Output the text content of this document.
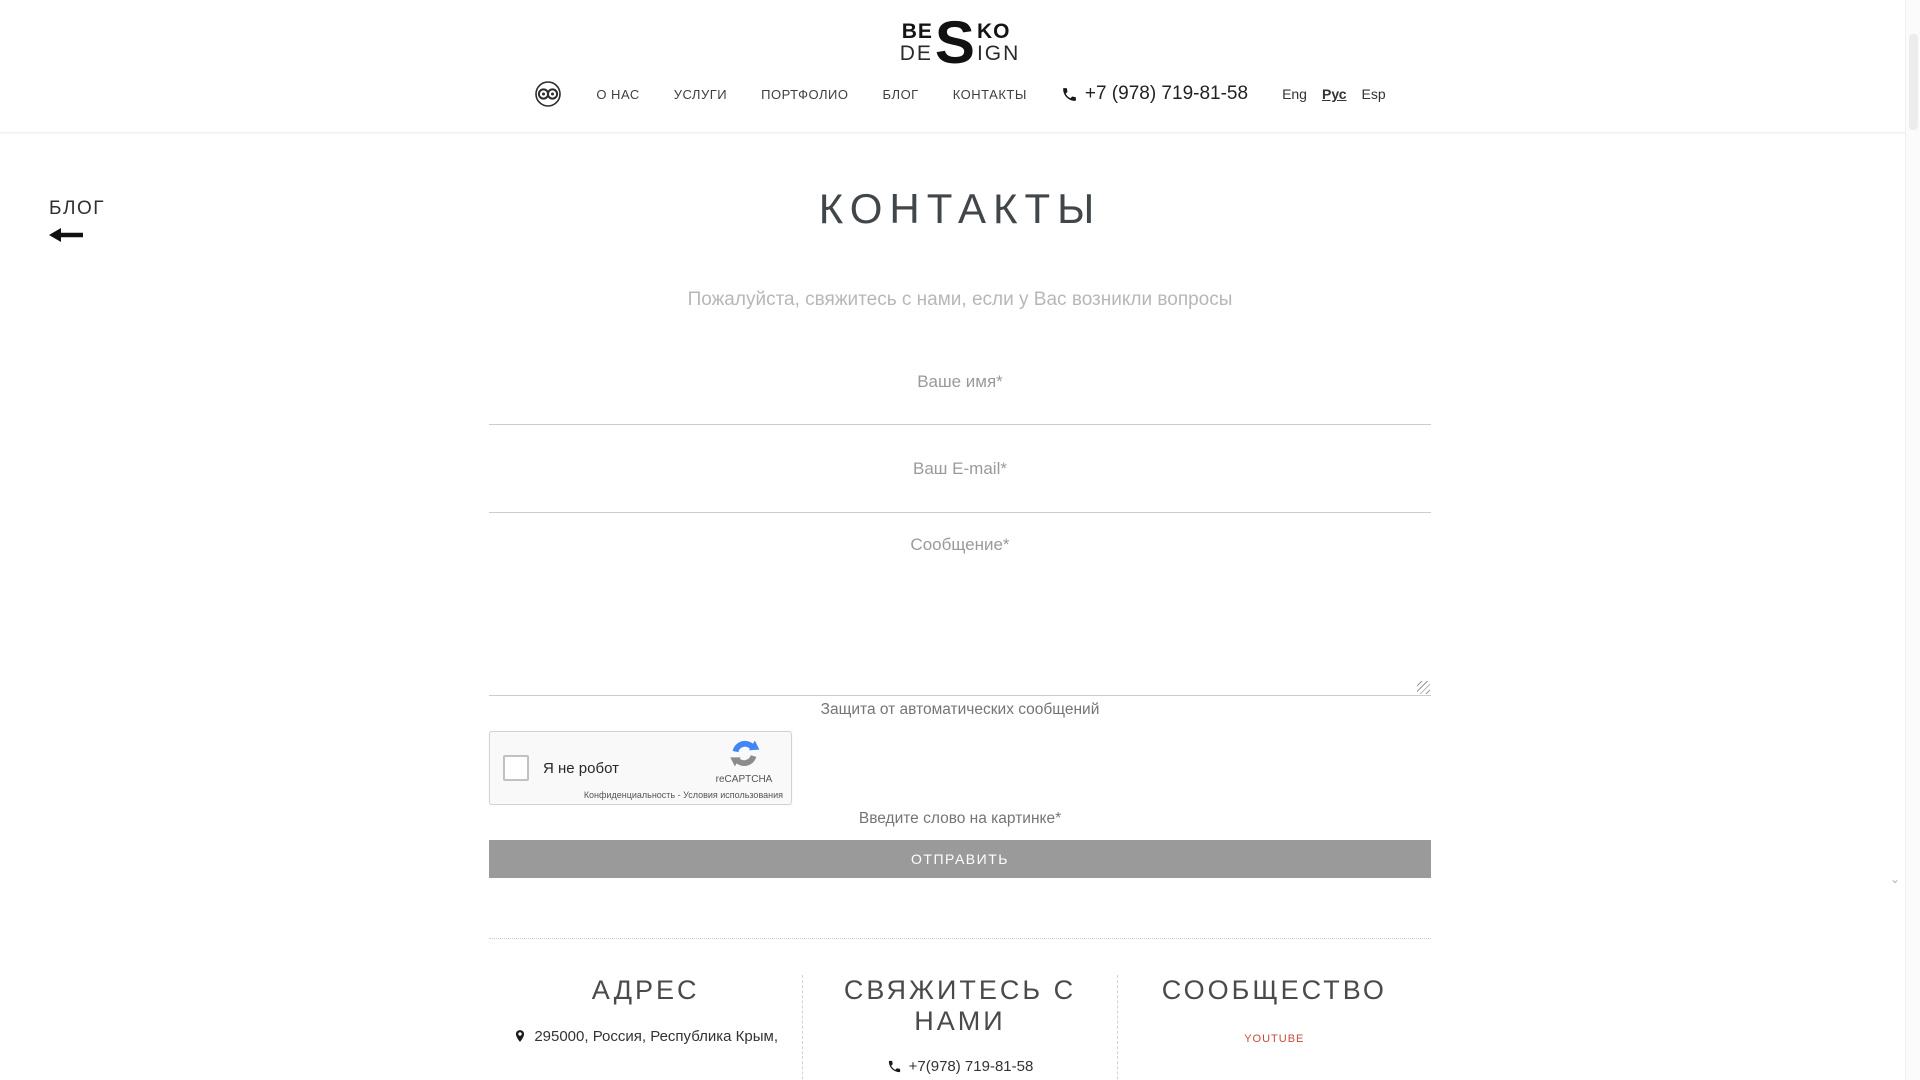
BE
DE S KO
IGN
О НАС	УСЛУГИ	ПОРТФОЛИО	БЛОГ	КОНТАКТЫ	+7 (978) 719-81-58 Eng Рус Esp
БЛОГ	КОНТАКТЫ
Пожалуйста, свяжитесь с нами, если у Вас возникли вопросы
Ваше имя*
Ваш E-mail*
Сообщение*
Защита от автоматических сообщений
Я не робот
reCAPTCHA
Конфиденциальность - Условия использования
Введите слово на картинке*
ОТПРАВИТЬ
АДРЕС
295000, Россия, Республика Крым,
СВЯЖИТЕСЬ С НАМИ
+7(978) 719-81-58
СООБЩЕСТВО
YOUTUBE
⌄
